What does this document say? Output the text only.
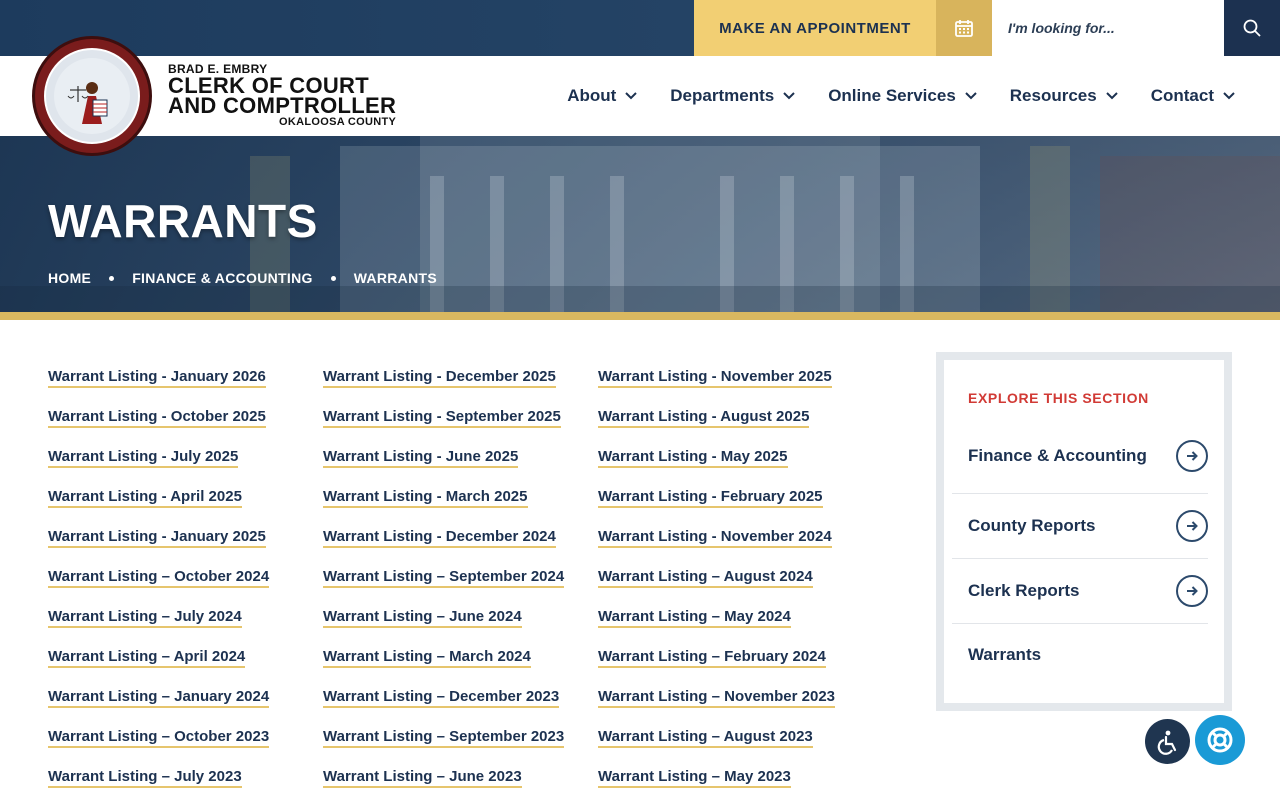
MAKE AN APPOINTMENT
I'm looking for...
BRAD E. EMBRY
CLERK OF COURT
AND COMPTROLLER
OKALOOSA COUNTY
About	Departments	Online Services	Resources	Contact
WARRANTS
HOME	FINANCE & ACCOUNTING	WARRANTS
Warrant Listing - January 2026	Warrant Listing - December 2025	Warrant Listing - November 2025
Warrant Listing - October 2025	Warrant Listing - September 2025	Warrant Listing - August 2025
Warrant Listing - July 2025	Warrant Listing - June 2025	Warrant Listing - May 2025
Warrant Listing - April 2025	Warrant Listing - March 2025	Warrant Listing - February 2025
Warrant Listing - January 2025	Warrant Listing - December 2024	Warrant Listing - November 2024
Warrant Listing – October 2024	Warrant Listing – September 2024	Warrant Listing – August 2024
Warrant Listing – July 2024	Warrant Listing – June 2024	Warrant Listing – May 2024
Warrant Listing – April 2024	Warrant Listing – March 2024	Warrant Listing – February 2024
Warrant Listing – January 2024	Warrant Listing – December 2023	Warrant Listing – November 2023
Warrant Listing – October 2023	Warrant Listing – September 2023	Warrant Listing – August 2023
Warrant Listing – July 2023	Warrant Listing – June 2023	Warrant Listing – May 2023
EXPLORE THIS SECTION
Finance & Accounting
County Reports
Clerk Reports
Warrants
